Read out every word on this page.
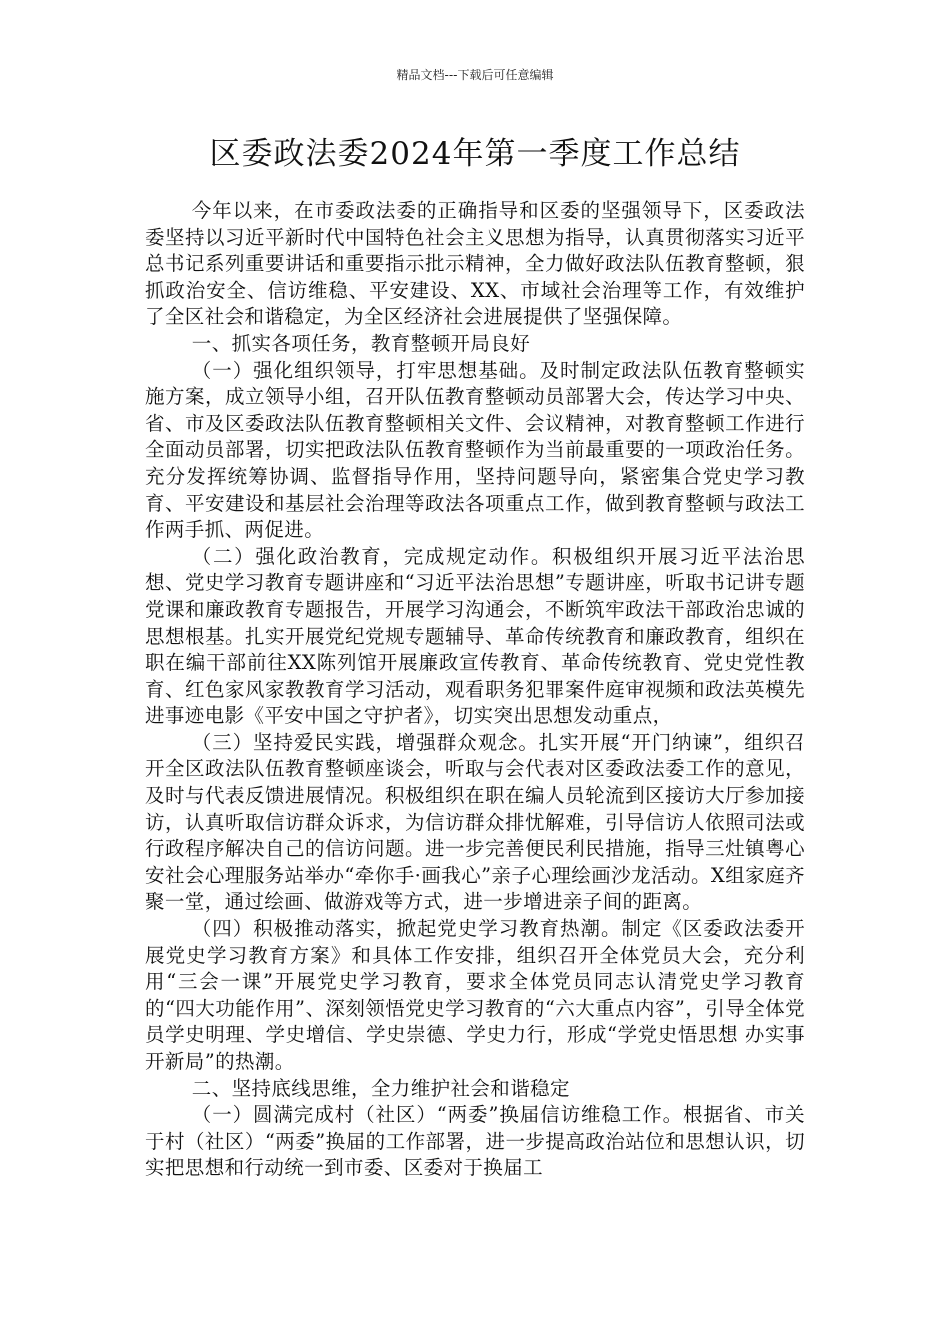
精品文档---下载后可任意编辑
区委政法委2024年第一季度工作总结

今年以来，在市委政法委的正确指导和区委的坚强领导下，区委政法委坚持以习近平新时代中国特色社会主义思想为指导，认真贯彻落实习近平总书记系列重要讲话和重要指示批示精神，全力做好政法队伍教育整顿，狠抓政治安全、信访维稳、平安建设、XX、市域社会治理等工作，有效维护了全区社会和谐稳定，为全区经济社会进展提供了坚强保障。

一、抓实各项任务，教育整顿开局良好

（一）强化组织领导，打牢思想基础。及时制定政法队伍教育整顿实施方案，成立领导小组，召开队伍教育整顿动员部署大会，传达学习中央、省、市及区委政法队伍教育整顿相关文件、会议精神，对教育整顿工作进行全面动员部署，切实把政法队伍教育整顿作为当前最重要的一项政治任务。充分发挥统筹协调、监督指导作用，坚持问题导向，紧密集合党史学习教育、平安建设和基层社会治理等政法各项重点工作，做到教育整顿与政法工作两手抓、两促进。

（二）强化政治教育，完成规定动作。积极组织开展习近平法治思想、党史学习教育专题讲座和“习近平法治思想”专题讲座，听取书记讲专题党课和廉政教育专题报告，开展学习沟通会，不断筑牢政法干部政治忠诚的思想根基。扎实开展党纪党规专题辅导、革命传统教育和廉政教育，组织在职在编干部前往XX陈列馆开展廉政宣传教育、革命传统教育、党史党性教育、红色家风家教教育学习活动，观看职务犯罪案件庭审视频和政法英模先进事迹电影《平安中国之守护者》，切实突出思想发动重点，

（三）坚持爱民实践，增强群众观念。扎实开展“开门纳谏”，组织召开全区政法队伍教育整顿座谈会，听取与会代表对区委政法委工作的意见，及时与代表反馈进展情况。积极组织在职在编人员轮流到区接访大厅参加接访，认真听取信访群众诉求，为信访群众排忧解难，引导信访人依照司法或行政程序解决自己的信访问题。进一步完善便民利民措施，指导三灶镇粤心安社会心理服务站举办“牵你手·画我心”亲子心理绘画沙龙活动。X组家庭齐聚一堂，通过绘画、做游戏等方式，进一步增进亲子间的距离。

（四）积极推动落实，掀起党史学习教育热潮。制定《区委政法委开展党史学习教育方案》和具体工作安排，组织召开全体党员大会，充分利用“三会一课”开展党史学习教育，要求全体党员同志认清党史学习教育的“四大功能作用”、深刻领悟党史学习教育的“六大重点内容”，引导全体党员学史明理、学史增信、学史崇德、学史力行，形成“学党史悟思想 办实事 开新局”的热潮。

二、坚持底线思维，全力维护社会和谐稳定

（一）圆满完成村（社区）“两委”换届信访维稳工作。根据省、市关于村（社区）“两委”换届的工作部署，进一步提高政治站位和思想认识，切实把思想和行动统一到市委、区委对于换届工
